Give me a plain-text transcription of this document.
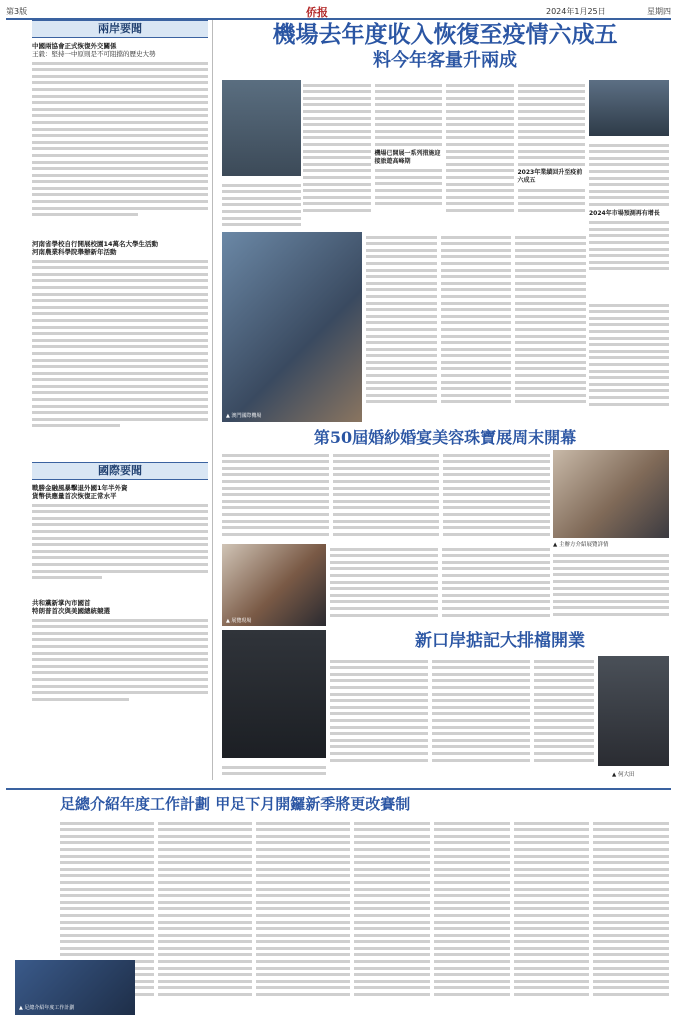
第3版	侨报	2024年1月25日	星期四
兩岸要聞
中國兩協會正式恢復外交關係
王毅：堅持一中原則是不可阻擋的歷史大勢
河南省學校自行開展校園14萬名大學生活動
河南農業科學院舉辦新年活動
國際要聞
戰勝金融風暴擊退外國1年半外資
貨幣供應量首次恢復正常水平
共和黨新掌內市國首
特朗普首次與美國總統競選
機場去年度收入恢復至疫情六成五
料今年客量升兩成
機場已開展一系列措施迎接旅遊高峰期
2023年業績回升至疫前六成五
2024年市場預測再有增長
▲ 澳門國際機場
第50屆婚紗婚宴美容珠寶展周末開幕
▲ 主辦方介紹展覽詳情
▲ 展覽現場
新口岸掂記大排檔開業
▲ 何大田
足總介紹年度工作計劃 甲足下月開鑼新季將更改賽制
▲ 足總介紹年度工作計劃
